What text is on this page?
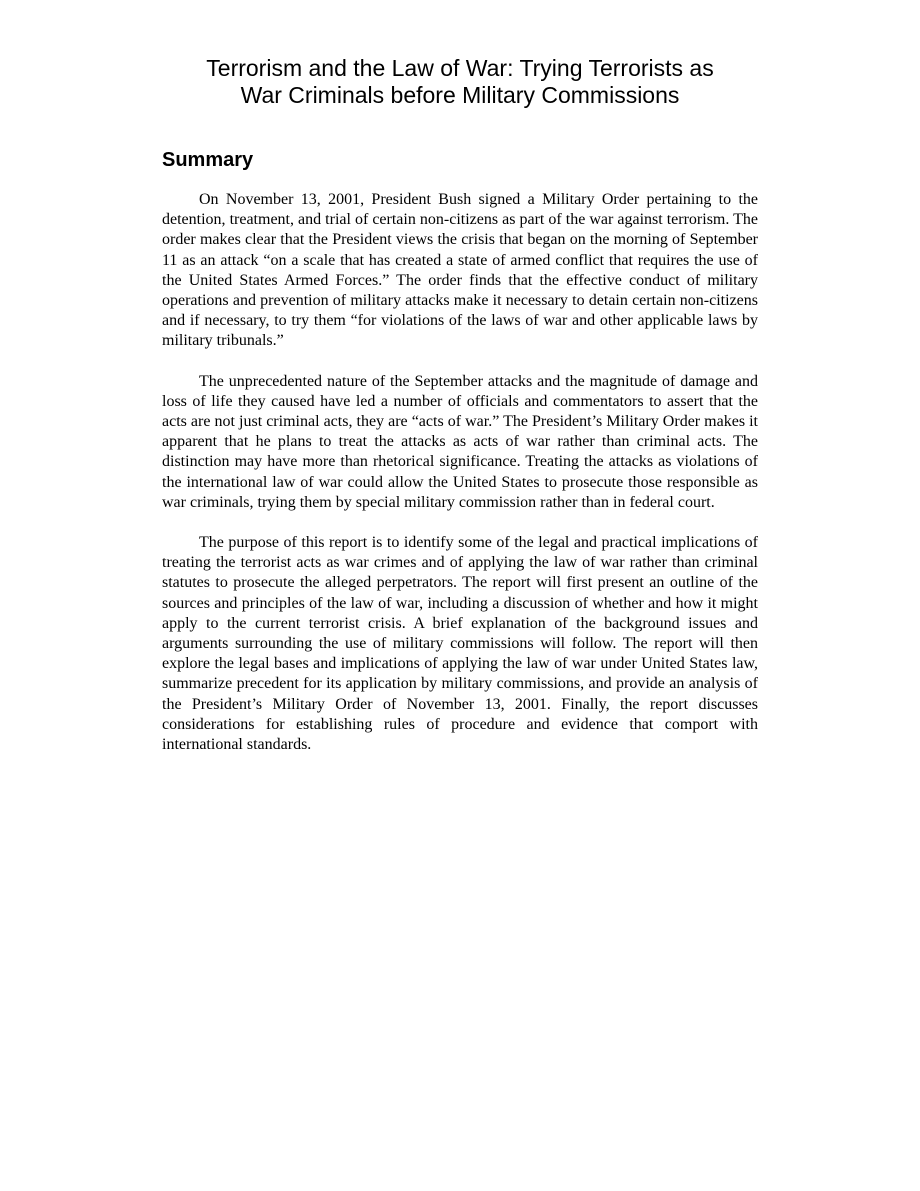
Terrorism and the Law of War: Trying Terrorists as
War Criminals before Military Commissions
Summary

On November 13, 2001, President Bush signed a Military Order pertaining to the detention, treatment, and trial of certain non-citizens as part of the war against terrorism. The order makes clear that the President views the crisis that began on the morning of September 11 as an attack “on a scale that has created a state of armed conflict that requires the use of the United States Armed Forces.” The order finds that the effective conduct of military operations and prevention of military attacks make it necessary to detain certain non-citizens and if necessary, to try them “for violations of the laws of war and other applicable laws by military tribunals.”

The unprecedented nature of the September attacks and the magnitude of damage and loss of life they caused have led a number of officials and commentators to assert that the acts are not just criminal acts, they are “acts of war.” The President’s Military Order makes it apparent that he plans to treat the attacks as acts of war rather than criminal acts. The distinction may have more than rhetorical significance. Treating the attacks as violations of the international law of war could allow the United States to prosecute those responsible as war criminals, trying them by special military commission rather than in federal court.

The purpose of this report is to identify some of the legal and practical implications of treating the terrorist acts as war crimes and of applying the law of war rather than criminal statutes to prosecute the alleged perpetrators. The report will first present an outline of the sources and principles of the law of war, including a discussion of whether and how it might apply to the current terrorist crisis. A brief explanation of the background issues and arguments surrounding the use of military commissions will follow. The report will then explore the legal bases and implications of applying the law of war under United States law, summarize precedent for its application by military commissions, and provide an analysis of the President’s Military Order of November 13, 2001. Finally, the report discusses considerations for establishing rules of procedure and evidence that comport with international standards.
